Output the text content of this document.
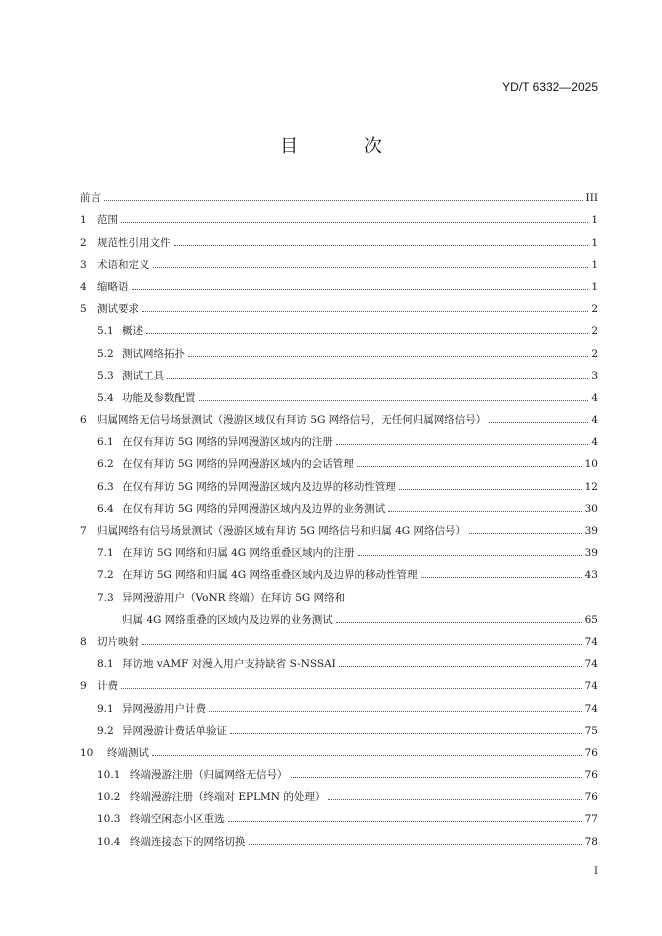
YD/T 6332—2025
目 次
前言	III
1 范围	1
2 规范性引用文件	1
3 术语和定义	1
4 缩略语	1
5 测试要求	2
5.1 概述	2
5.2 测试网络拓扑	2
5.3 测试工具	3
5.4 功能及参数配置	4
6 归属网络无信号场景测试（漫游区域仅有拜访 5G 网络信号，无任何归属网络信号）	4
6.1 在仅有拜访 5G 网络的异网漫游区域内的注册	4
6.2 在仅有拜访 5G 网络的异网漫游区域内的会话管理	10
6.3 在仅有拜访 5G 网络的异网漫游区域内及边界的移动性管理	12
6.4 在仅有拜访 5G 网络的异网漫游区域内及边界的业务测试	30
7 归属网络有信号场景测试（漫游区域有拜访 5G 网络信号和归属 4G 网络信号）	39
7.1 在拜访 5G 网络和归属 4G 网络重叠区域内的注册	39
7.2 在拜访 5G 网络和归属 4G 网络重叠区域内及边界的移动性管理	43
7.3 异网漫游用户（VoNR 终端）在拜访 5G 网络和
归属 4G 网络重叠的区域内及边界的业务测试	65
8 切片映射	74
8.1 拜访地 vAMF 对漫入用户支持缺省 S-NSSAI	74
9 计费	74
9.1 异网漫游用户计费	74
9.2 异网漫游计费话单验证	75
10	终端测试	76
10.1 终端漫游注册（归属网络无信号）	76
10.2 终端漫游注册（终端对 EPLMN 的处理）	76
10.3 终端空闲态小区重选	77
10.4 终端连接态下的网络切换	78
I
